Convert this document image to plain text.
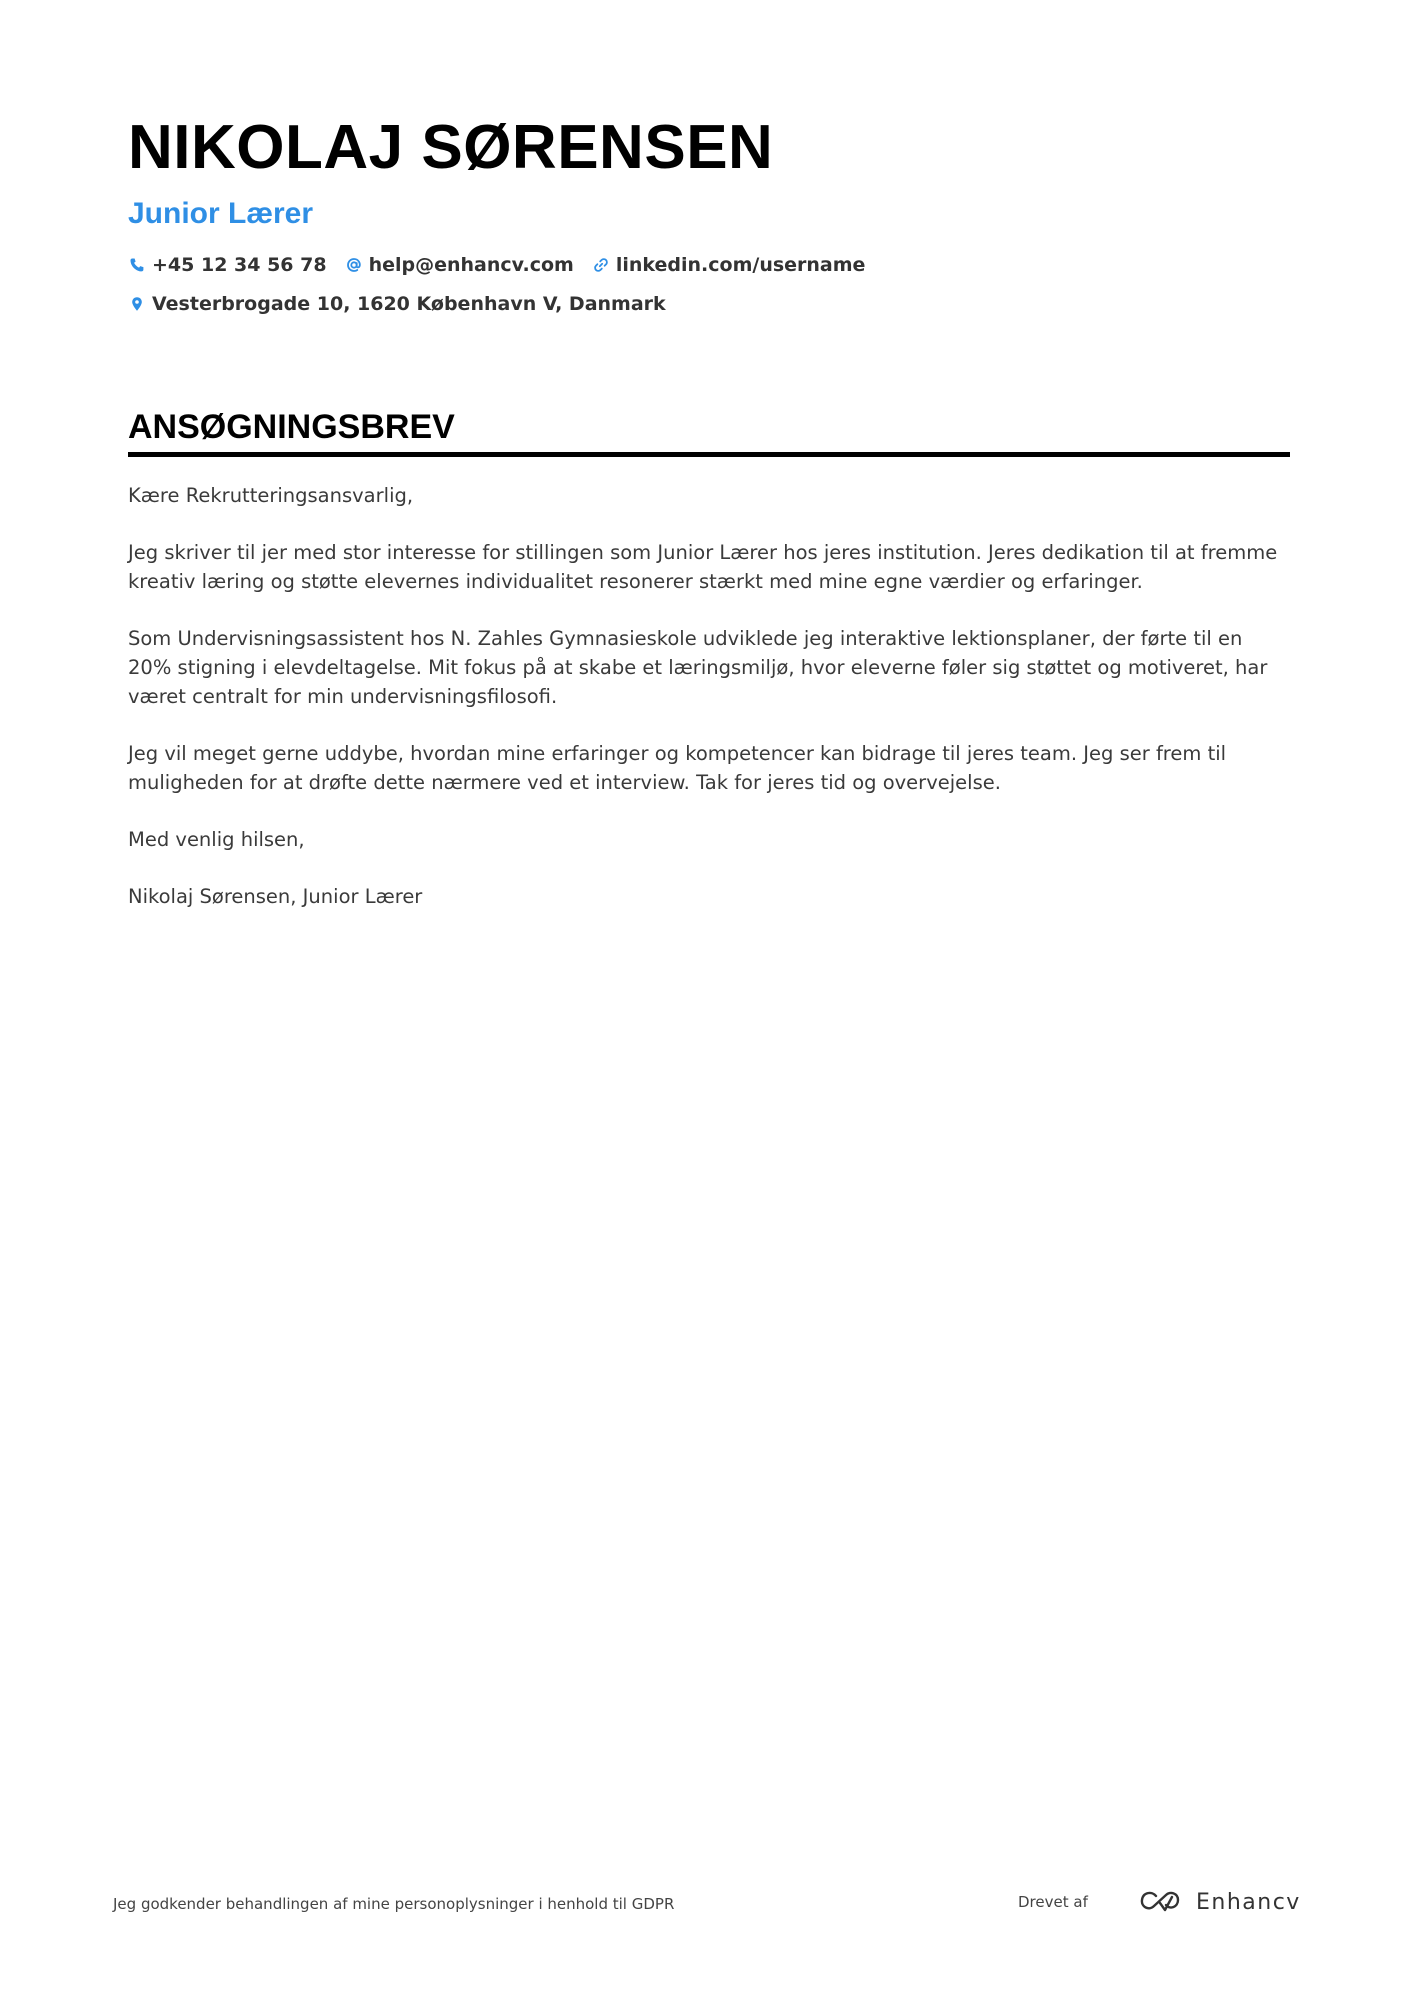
NIKOLAJ SØRENSEN
Junior Lærer
+45 12 34 56 78 help@enhancv.com linkedin.com/username
Vesterbrogade 10, 1620 København V, Danmark
ANSØGNINGSBREV

Kære Rekrutteringsansvarlig,

Jeg skriver til jer med stor interesse for stillingen som Junior Lærer hos jeres institution. Jeres dedikation til at fremme kreativ læring og støtte elevernes individualitet resonerer stærkt med mine egne værdier og erfaringer.

Som Undervisningsassistent hos N. Zahles Gymnasieskole udviklede jeg interaktive lektionsplaner, der førte til en 20% stigning i elevdeltagelse. Mit fokus på at skabe et læringsmiljø, hvor eleverne føler sig støttet og motiveret, har været centralt for min undervisningsfilosofi.

Jeg vil meget gerne uddybe, hvordan mine erfaringer og kompetencer kan bidrage til jeres team. Jeg ser frem til muligheden for at drøfte dette nærmere ved et interview. Tak for jeres tid og overvejelse.

Med venlig hilsen,

Nikolaj Sørensen, Junior Lærer

Jeg godkender behandlingen af mine personoplysninger i henhold til GDPR	Drevet af	Enhancv
